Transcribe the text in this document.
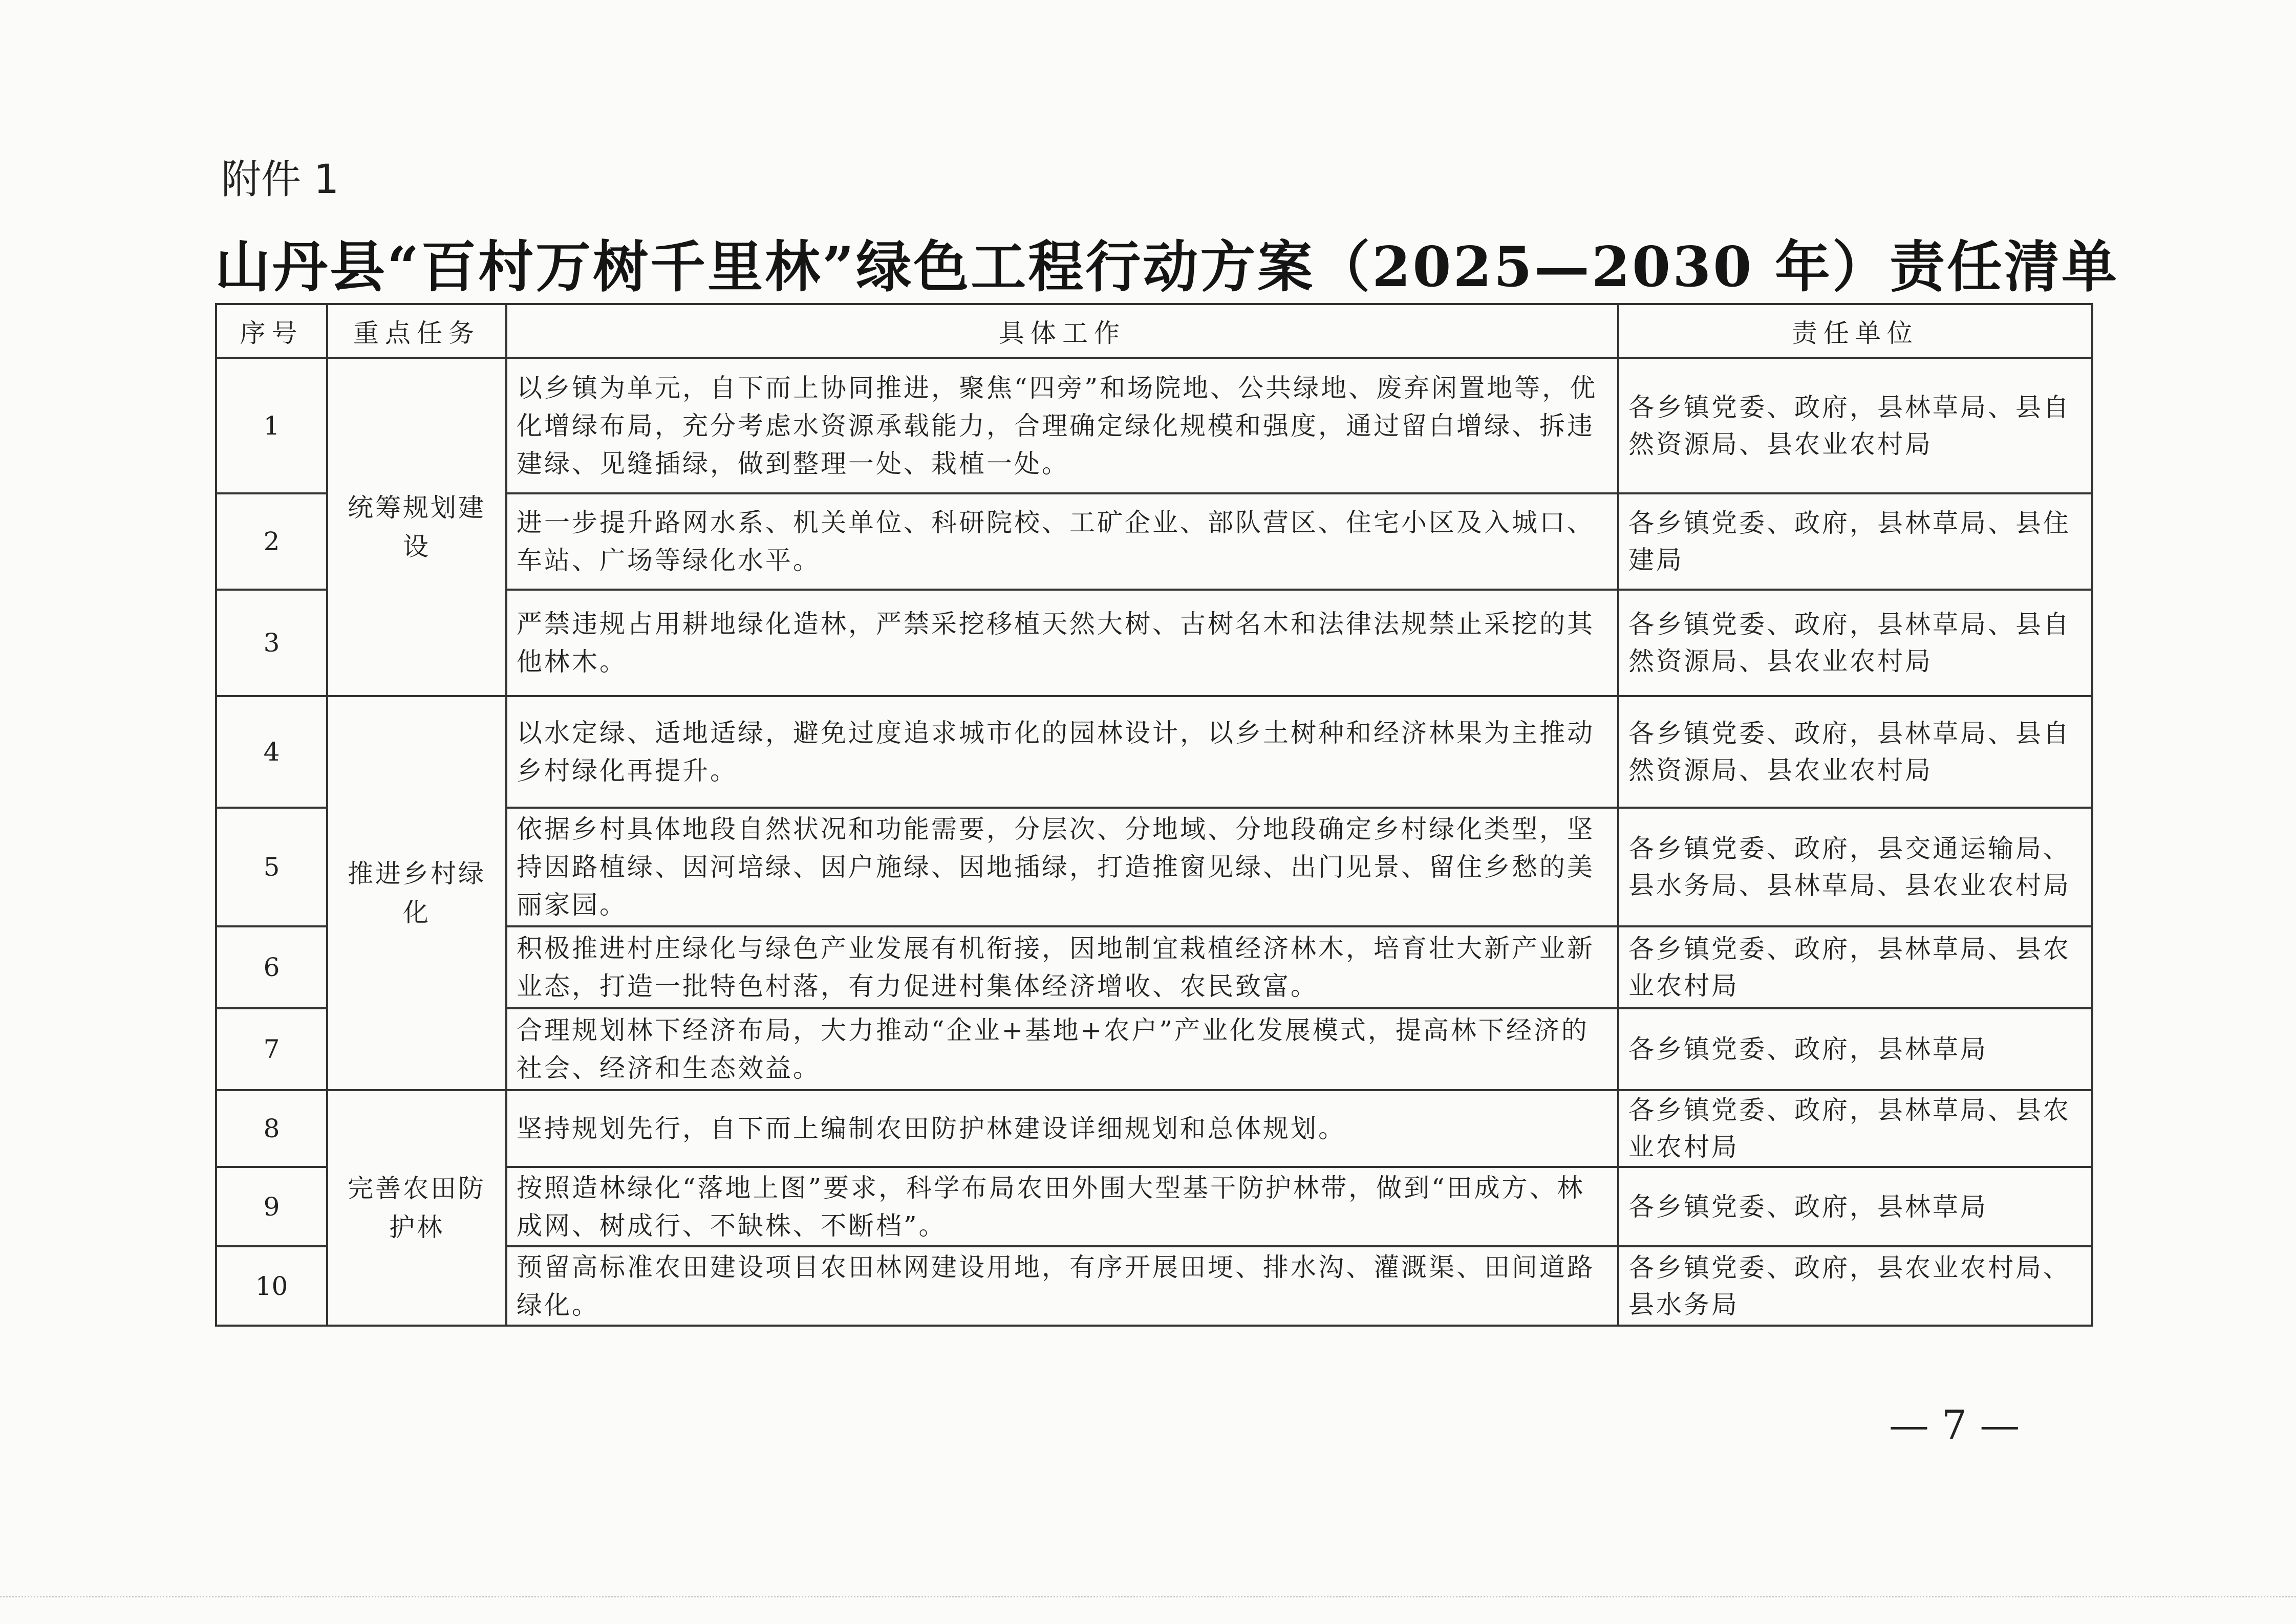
附件 1
山丹县“百村万树千里林”绿色工程行动方案（2025—2030 年）责任清单
序号	重点任务	具体工作	责任单位
1	统筹规划建设	以乡镇为单元，自下而上协同推进，聚焦“四旁”和场院地、公共绿地、废弃闲置地等，优化增绿布局，充分考虑水资源承载能力，合理确定绿化规模和强度，通过留白增绿、拆违建绿、见缝插绿，做到整理一处、栽植一处。	各乡镇党委、政府，县林草局、县自然资源局、县农业农村局
2		进一步提升路网水系、机关单位、科研院校、工矿企业、部队营区、住宅小区及入城口、车站、广场等绿化水平。	各乡镇党委、政府，县林草局、县住建局
3		严禁违规占用耕地绿化造林，严禁采挖移植天然大树、古树名木和法律法规禁止采挖的其他林木。	各乡镇党委、政府，县林草局、县自然资源局、县农业农村局
4	推进乡村绿化	以水定绿、适地适绿，避免过度追求城市化的园林设计，以乡土树种和经济林果为主推动乡村绿化再提升。	各乡镇党委、政府，县林草局、县自然资源局、县农业农村局
5		依据乡村具体地段自然状况和功能需要，分层次、分地域、分地段确定乡村绿化类型，坚持因路植绿、因河培绿、因户施绿、因地插绿，打造推窗见绿、出门见景、留住乡愁的美丽家园。	各乡镇党委、政府，县交通运输局、县水务局、县林草局、县农业农村局
6		积极推进村庄绿化与绿色产业发展有机衔接，因地制宜栽植经济林木，培育壮大新产业新业态，打造一批特色村落，有力促进村集体经济增收、农民致富。	各乡镇党委、政府，县林草局、县农业农村局
7		合理规划林下经济布局，大力推动“企业+基地+农户”产业化发展模式，提高林下经济的社会、经济和生态效益。	各乡镇党委、政府，县林草局
8	完善农田防护林	坚持规划先行，自下而上编制农田防护林建设详细规划和总体规划。	各乡镇党委、政府，县林草局、县农业农村局
9		按照造林绿化“落地上图”要求，科学布局农田外围大型基干防护林带，做到“田成方、林成网、树成行、不缺株、不断档”。	各乡镇党委、政府，县林草局
10		预留高标准农田建设项目农田林网建设用地，有序开展田埂、排水沟、灌溉渠、田间道路绿化。	各乡镇党委、政府，县农业农村局、县水务局
— 7 —
